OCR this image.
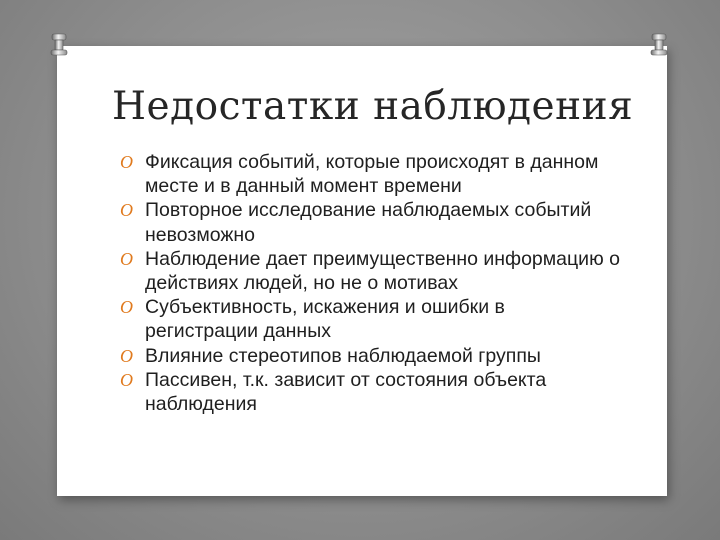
Недостатки наблюдения
O Фиксация событий, которые происходят в данном месте и в данный момент времени
O Повторное исследование наблюдаемых событий невозможно
O Наблюдение дает преимущественно информацию о действиях людей, но не о мотивах
O Субъективность, искажения и ошибки в регистрации данных
O Влияние стереотипов наблюдаемой группы
O Пассивен, т.к. зависит от состояния объекта наблюдения
